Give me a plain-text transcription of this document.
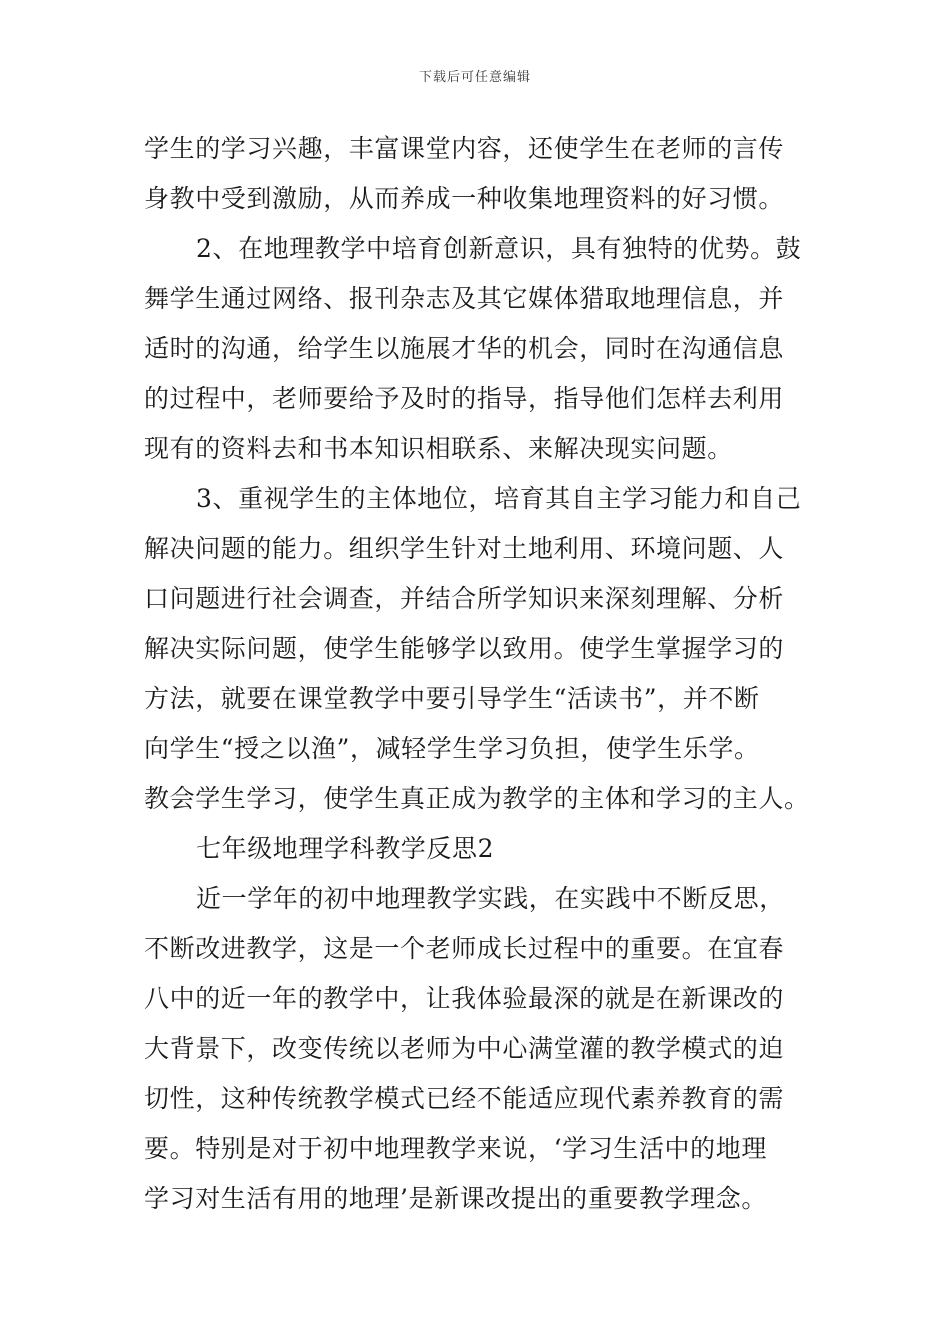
下载后可任意编辑
学生的学习兴趣，丰富课堂内容，还使学生在老师的言传
身教中受到激励，从而养成一种收集地理资料的好习惯。
2、在地理教学中培育创新意识，具有独特的优势。鼓
舞学生通过网络、报刊杂志及其它媒体猎取地理信息，并
适时的沟通，给学生以施展才华的机会，同时在沟通信息
的过程中，老师要给予及时的指导，指导他们怎样去利用
现有的资料去和书本知识相联系、来解决现实问题。
3、重视学生的主体地位，培育其自主学习能力和自己
解决问题的能力。组织学生针对土地利用、环境问题、人
口问题进行社会调查，并结合所学知识来深刻理解、分析
解决实际问题，使学生能够学以致用。使学生掌握学习的
方法，就要在课堂教学中要引导学生“活读书”，并不断
向学生“授之以渔”，减轻学生学习负担，使学生乐学。
教会学生学习，使学生真正成为教学的主体和学习的主人。
七年级地理学科教学反思2
近一学年的初中地理教学实践，在实践中不断反思，
不断改进教学，这是一个老师成长过程中的重要。在宜春
八中的近一年的教学中，让我体验最深的就是在新课改的
大背景下，改变传统以老师为中心满堂灌的教学模式的迫
切性，这种传统教学模式已经不能适应现代素养教育的需
要。特别是对于初中地理教学来说，‘学习生活中的地理
学习对生活有用的地理’是新课改提出的重要教学理念。
